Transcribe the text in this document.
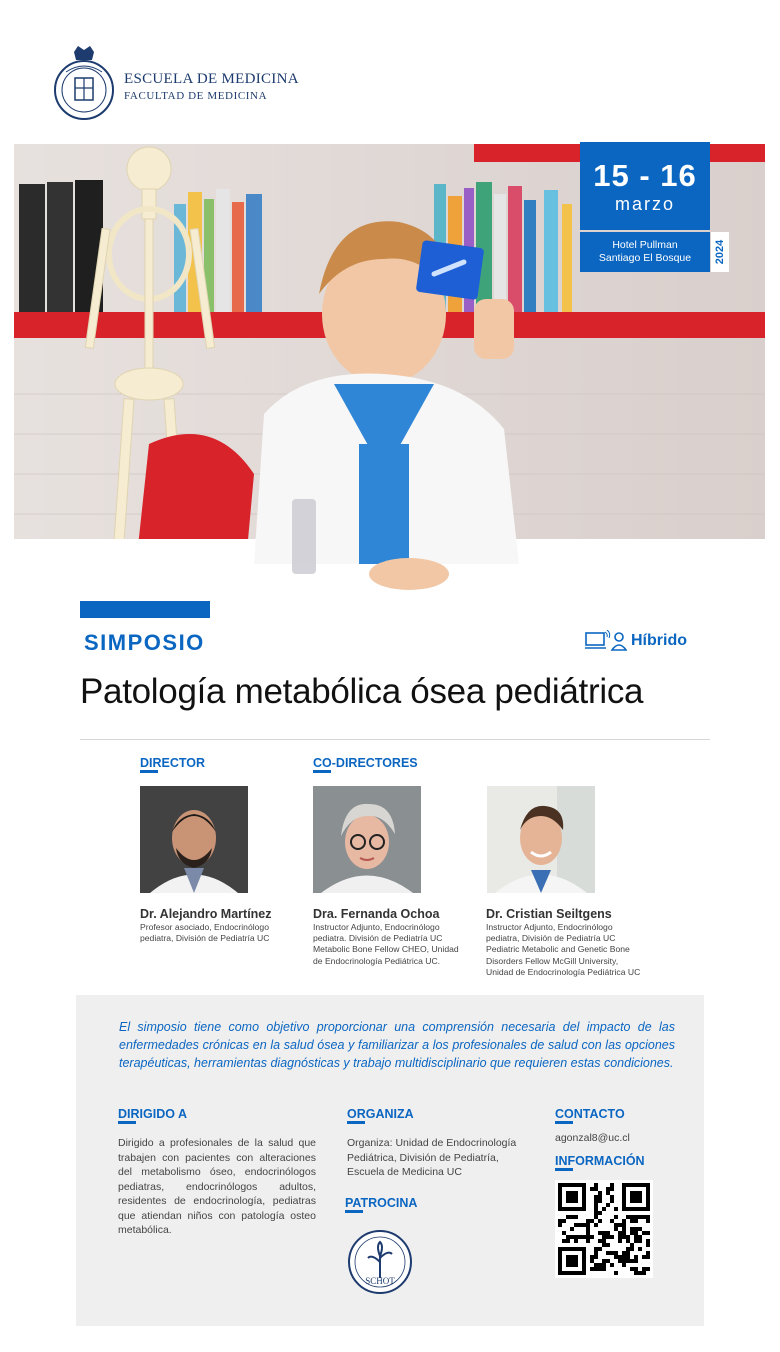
ESCUELA DE MEDICINA
FACULTAD DE MEDICINA
15 - 16
marzo
Hotel Pullman
Santiago El Bosque	2024
SIMPOSIO	Híbrido
Patología metabólica ósea pediátrica
DIRECTOR	CO-DIRECTORES
Dr. Alejandro Martínez
Profesor asociado, Endocrinólogo
pediatra, División de Pediatría UC
Dra. Fernanda Ochoa
Instructor Adjunto, Endocrinólogo
pediatra. División de Pediatría UC
Metabolic Bone Fellow CHEO, Unidad
de Endocrinología Pediátrica UC.
Dr. Cristian Seiltgens
Instructor Adjunto, Endocrinólogo
pediatra, División de Pediatría UC
Pediatric Metabolic and Genetic Bone
Disorders Fellow McGill University,
Unidad de Endocrinología Pediátrica UC
El simposio tiene como objetivo proporcionar una comprensión necesaria del impacto de las enfermedades crónicas en la salud ósea y familiarizar a los profesionales de salud con las opciones terapéuticas, herramientas diagnósticas y trabajo multidisciplinario que requieren estas condiciones.
DIRIGIDO A
Dirigido a profesionales de la salud que trabajen con pacientes con alteraciones del metabolismo óseo, endocrinólogos pediatras, endocrinólogos adultos, residentes de endocrinología, pediatras que atiendan niños con patología osteo metabólica.
ORGANIZA
Organiza: Unidad de Endocrinología Pediátrica, División de Pediatría, Escuela de Medicina UC
PATROCINA
SCHOT
CONTACTO
agonzal8@uc.cl
INFORMACIÓN
